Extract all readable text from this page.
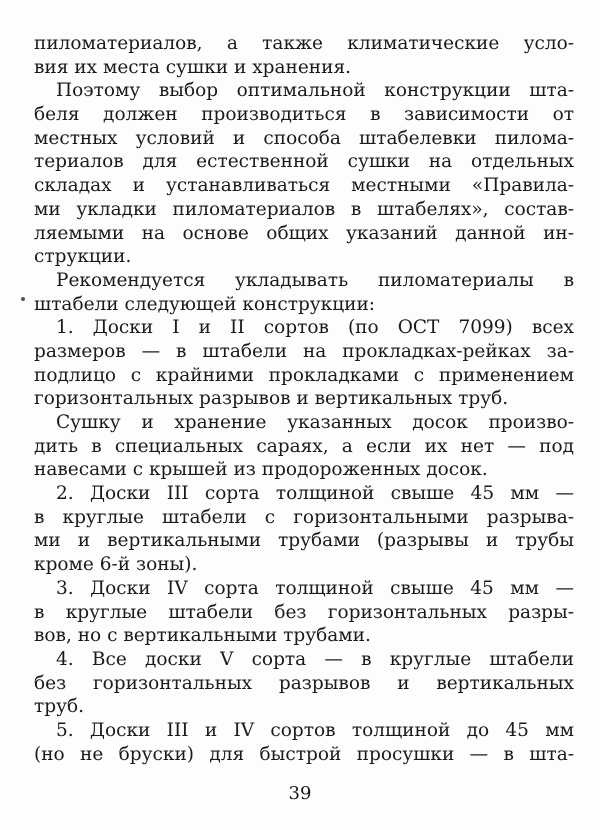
пиломатериалов, а также климатические усло-
вия их места сушки и хранения.
Поэтому выбор оптимальной конструкции шта-
беля должен производиться в зависимости от
местных условий и способа штабелевки пилома-
териалов для естественной сушки на отдельных
складах и устанавливаться местными «Правила-
ми укладки пиломатериалов в штабелях», состав-
ляемыми на основе общих указаний данной ин-
струкции.
Рекомендуется укладывать пиломатериалы в
штабели следующей конструкции:
1. Доски I и II сортов (по ОСТ 7099) всех
размеров — в штабели на прокладках-рейках за-
подлицо с крайними прокладками с применением
горизонтальных разрывов и вертикальных труб.
Сушку и хранение указанных досок произво-
дить в специальных сараях, а если их нет — под
навесами с крышей из продороженных досок.
2. Доски III сорта толщиной свыше 45 мм —
в круглые штабели с горизонтальными разрыва-
ми и вертикальными трубами (разрывы и трубы
кроме 6-й зоны).
3. Доски IV сорта толщиной свыше 45 мм —
в круглые штабели без горизонтальных разры-
вов, но с вертикальными трубами.
4. Все доски V сорта — в круглые штабели
без горизонтальных разрывов и вертикальных
труб.
5. Доски III и IV сортов толщиной до 45 мм
(но не бруски) для быстрой просушки — в шта-
39
